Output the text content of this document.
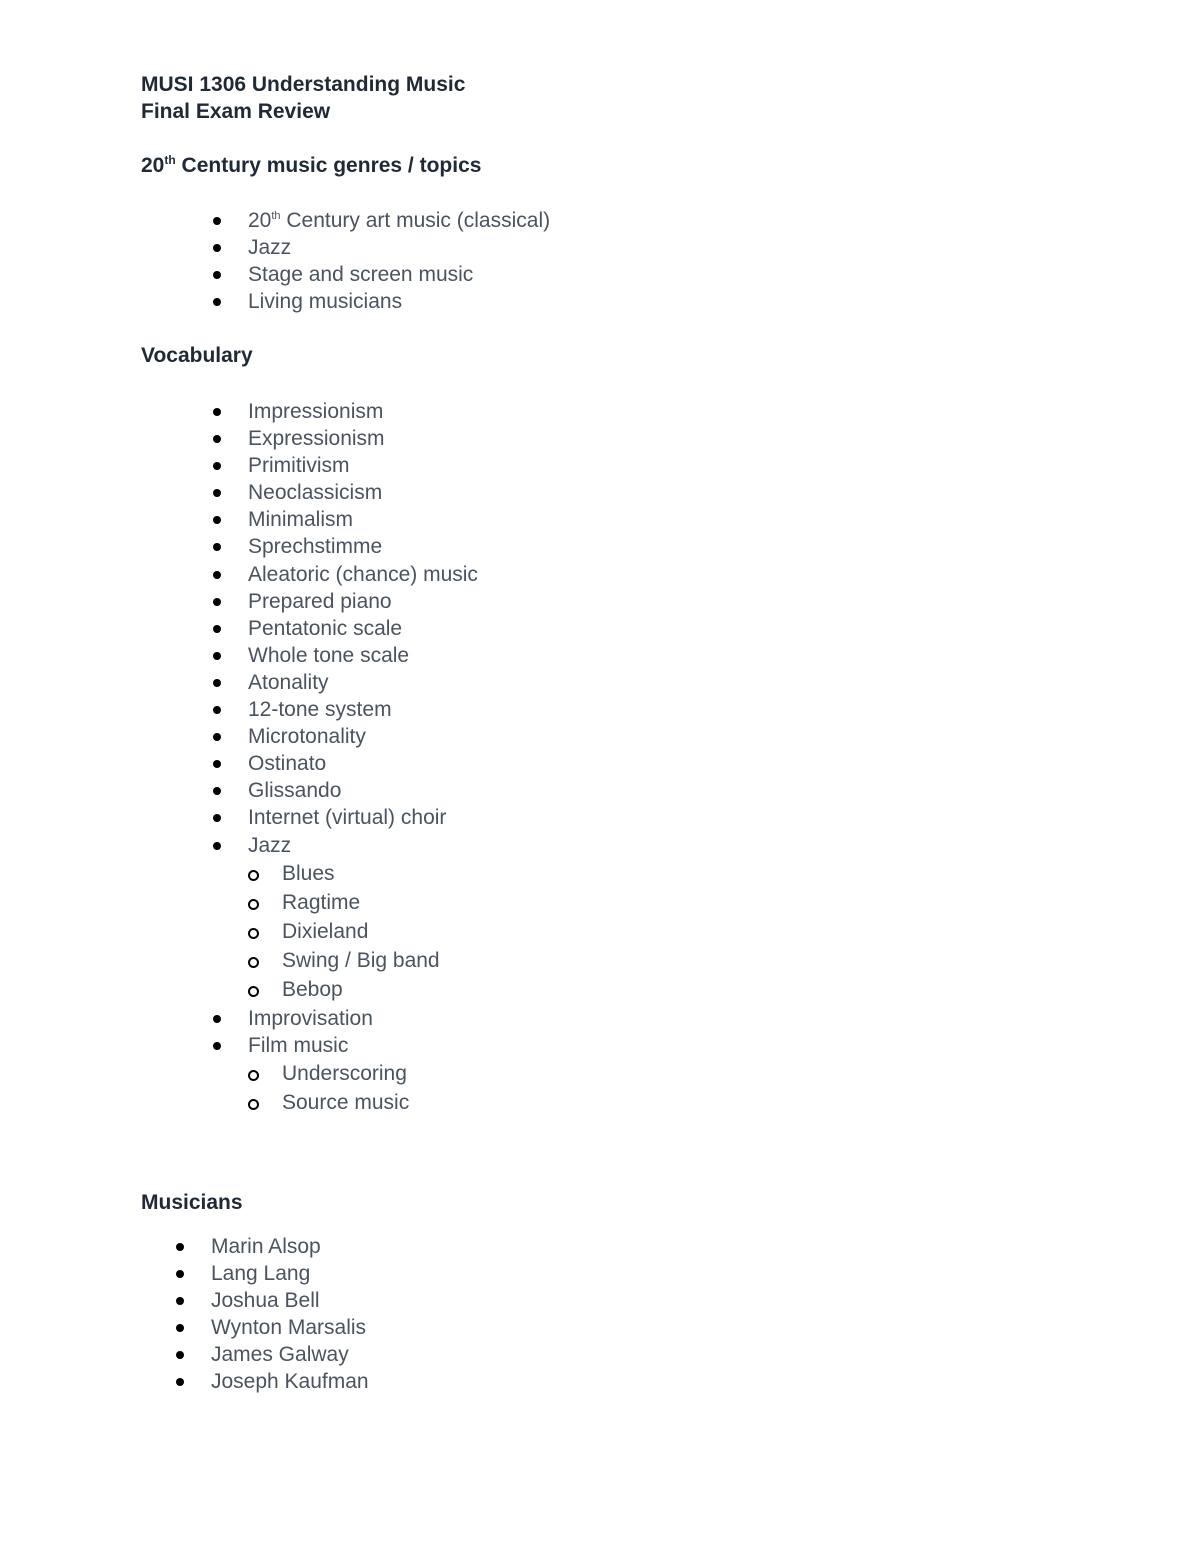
MUSI 1306 Understanding Music
Final Exam Review
20th Century music genres / topics
20th Century art music (classical)
Jazz
Stage and screen music
Living musicians
Vocabulary
Impressionism
Expressionism
Primitivism
Neoclassicism
Minimalism
Sprechstimme
Aleatoric (chance) music
Prepared piano
Pentatonic scale
Whole tone scale
Atonality
12-tone system
Microtonality
Ostinato
Glissando
Internet (virtual) choir
Jazz
Blues
Ragtime
Dixieland
Swing / Big band
Bebop
Improvisation
Film music
Underscoring
Source music
Musicians
Marin Alsop
Lang Lang
Joshua Bell
Wynton Marsalis
James Galway
Joseph Kaufman
